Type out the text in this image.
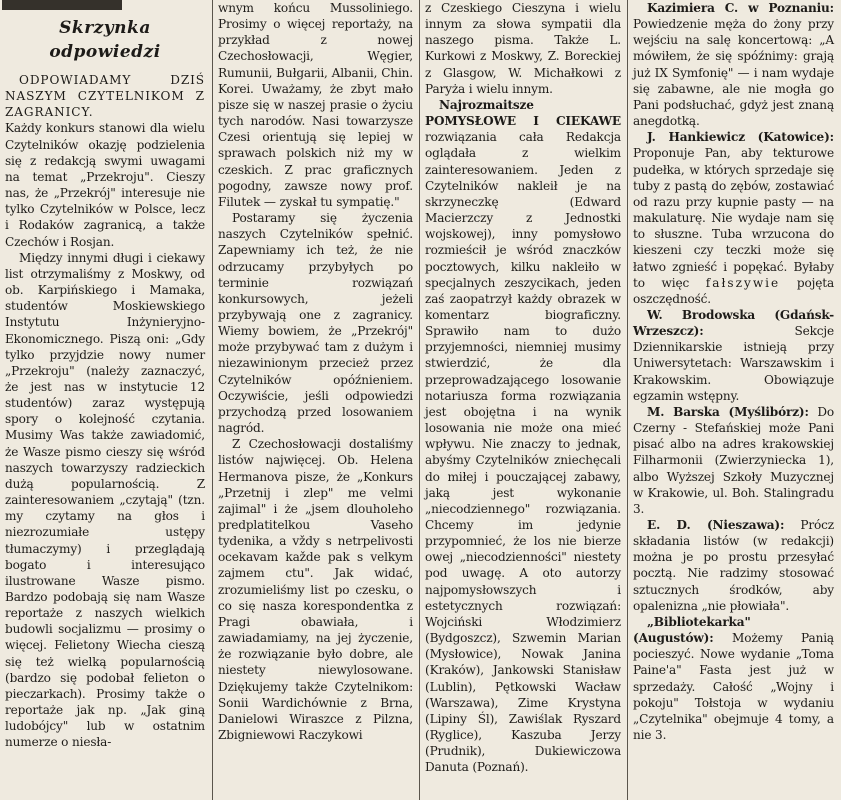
Skrzynka
odpowiedzi

ODPOWIADAMY DZIŚ NASZYM CZYTELNIKOM Z ZAGRANICY.

Każdy konkurs stanowi dla wielu Czytelników okazję podzielenia się z redakcją swymi uwagami na temat „Przekroju". Cieszy nas, że „Przekrój" interesuje nie tylko Czytelników w Polsce, lecz i Rodaków zagranicą, a także Czechów i Rosjan.

Między innymi długi i ciekawy list otrzymaliśmy z Moskwy, od ob. Karpińskiego i Mamaka, studentów Moskiewskiego Instytutu Inżynieryjno-Ekonomicznego. Piszą oni: „Gdy tylko przyjdzie nowy numer „Przekroju" (należy zaznaczyć, że jest nas w instytucie 12 studentów) zaraz występują spory o kolejność czytania. Musimy Was także zawiadomić, że Wasze pismo cieszy się wśród naszych towarzyszy radzieckich dużą popularnością. Z zainteresowaniem „czytają" (tzn. my czytamy na głos i niezrozumiałe ustępy tłumaczymy) i przeglądają bogato i interesująco ilustrowane Wasze pismo. Bardzo podobają się nam Wasze reportaże z naszych wielkich budowli socjalizmu — prosimy o więcej. Felietony Wiecha cieszą się też wielką popularnością (bardzo się podobał felieton o pieczarkach). Prosimy także o reportaże jak np. „Jak giną ludobójcy" lub w ostatnim numerze o niesła-

wnym końcu Mussoliniego. Prosimy o więcej reportaży, na przykład z nowej Czechosłowacji, Węgier, Rumunii, Bułgarii, Albanii, Chin. Korei. Uważamy, że zbyt mało pisze się w naszej prasie o życiu tych narodów. Nasi towarzysze Czesi orientują się lepiej w sprawach polskich niż my w czeskich. Z prac graficznych pogodny, zawsze nowy prof. Filutek — zyskał tu sympatię."

Postaramy się życzenia naszych Czytelników spełnić. Zapewniamy ich też, że nie odrzucamy przybyłych po terminie rozwiązań konkursowych, jeżeli przybywają one z zagranicy. Wiemy bowiem, że „Przekrój" może przybywać tam z dużym i niezawinionym przecież przez Czytelników opóźnieniem. Oczywiście, jeśli odpowiedzi przychodzą przed losowaniem nagród.

Z Czechosłowacji dostaliśmy listów najwięcej. Ob. Helena Hermanova pisze, że „Konkurs „Przetnij i zlep" me velmi zajimal" i że „jsem dlouholeho predplatitelkou Vaseho tydenika, a vždy s netrpelivosti ocekavam každe pak s velkym zajmem ctu". Jak widać, zrozumieliśmy list po czesku, o co się nasza korespondentka z Pragi obawiała, i zawiadamiamy, na jej życzenie, że rozwiązanie było dobre, ale niestety niewylosowane. Dziękujemy także Czytelnikom: Sonii Wardichównie z Brna, Danielowi Wiraszce z Pilzna, Zbigniewowi Raczykowi

z Czeskiego Cieszyna i wielu innym za słowa sympatii dla naszego pisma. Także L. Kurkowi z Moskwy, Z. Boreckiej z Glasgow, W. Michałkowi z Paryża i wielu innym.

Najrozmaitsze POMYSŁOWE I CIEKAWE rozwiązania cała Redakcja oglądała z wielkim zainteresowaniem. Jeden z Czytelników nakleił je na skrzyneczkę (Edward Macierzczy z Jednostki wojskowej), inny pomysłowo rozmieścił je wśród znaczków pocztowych, kilku nakleiło w specjalnych zeszycikach, jeden zaś zaopatrzył każdy obrazek w komentarz biograficzny. Sprawiło nam to dużo przyjemności, niemniej musimy stwierdzić, że dla przeprowadzającego losowanie notariusza forma rozwiązania jest obojętna i na wynik losowania nie może ona mieć wpływu. Nie znaczy to jednak, abyśmy Czytelników zniechęcali do miłej i pouczającej zabawy, jaką jest wykonanie „niecodziennego" rozwiązania. Chcemy im jedynie przypomnieć, że los nie bierze owej „niecodzienności" niestety pod uwagę. A oto autorzy najpomysłowszych i estetycznych rozwiązań: Wojciński Włodzimierz (Bydgoszcz), Szwemin Marian (Mysłowice), Nowak Janina (Kraków), Jankowski Stanisław (Lublin), Pętkowski Wacław (Warszawa), Zime Krystyna (Lipiny Śl), Zawiślak Ryszard (Ryglice), Kaszuba Jerzy (Prudnik), Dukiewiczowa Danuta (Poznań).

Kazimiera C. w Poznaniu: Powiedzenie męża do żony przy wejściu na salę koncertową: „A mówiłem, że się spóźnimy: grają już IX Symfonię" — i nam wydaje się zabawne, ale nie mogła go Pani podsłuchać, gdyż jest znaną anegdotką.

J. Hankiewicz (Katowice): Proponuje Pan, aby tekturowe pudełka, w których sprzedaje się tuby z pastą do zębów, zostawiać od razu przy kupnie pasty — na makulaturę. Nie wydaje nam się to słuszne. Tuba wrzucona do kieszeni czy teczki może się łatwo zgnieść i popękać. Byłaby to więc fałszywie pojęta oszczędność.

W. Brodowska (Gdańsk-Wrzeszcz):	Sekcje Dziennikarskie istnieją przy Uniwersytetach: Warszawskim i Krakowskim. Obowiązuje egzamin wstępny.

M. Barska (Myślibórz): Do Czerny - Stefańskiej może Pani pisać albo na adres krakowskiej Filharmonii (Zwierzyniecka 1), albo Wyższej Szkoły Muzycznej w Krakowie, ul. Boh. Stalingradu 3.

E. D. (Nieszawa): Prócz składania listów (w redakcji) można je po prostu przesyłać pocztą. Nie radzimy stosować sztucznych środków, aby opalenizna „nie płowiała".

„Bibliotekarka" (Augustów): Możemy Panią pocieszyć. Nowe wydanie „Toma Paine'a" Fasta jest już w sprzedaży. Całość „Wojny i pokoju" Tołstoja w wydaniu „Czytelnika" obejmuje 4 tomy, a nie 3.
